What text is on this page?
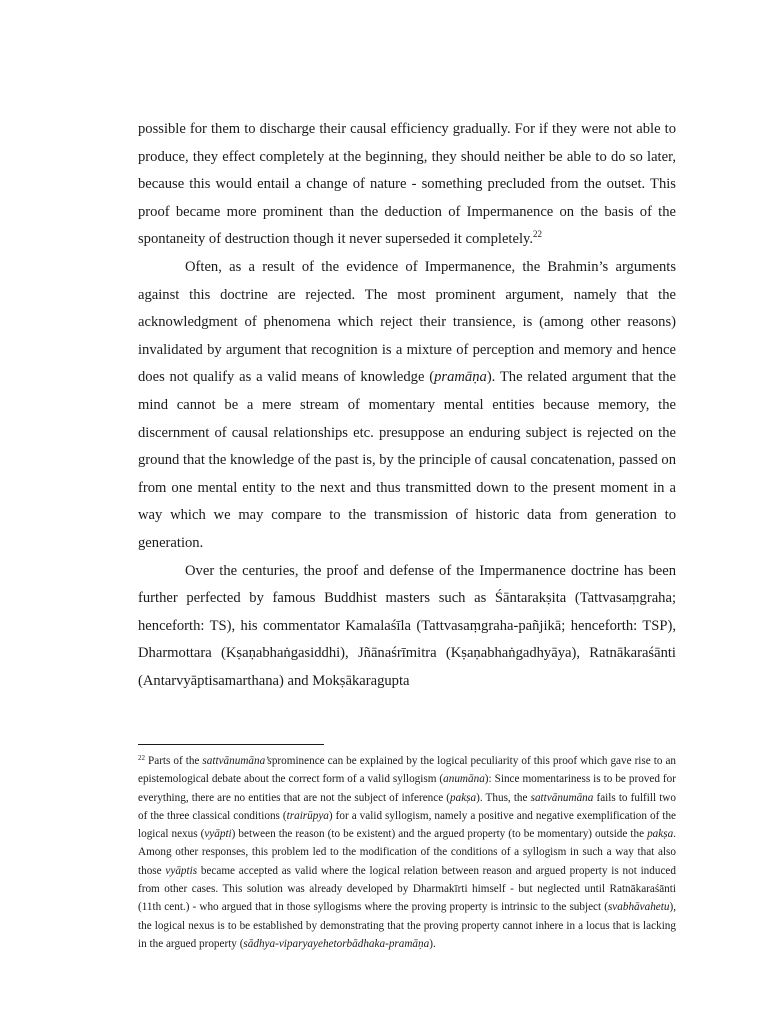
possible for them to discharge their causal efficiency gradually. For if they were not able to produce, they effect completely at the beginning, they should neither be able to do so later, because this would entail a change of nature - something precluded from the outset. This proof became more prominent than the deduction of Impermanence on the basis of the spontaneity of destruction though it never superseded it completely.$^{22}$

Often, as a result of the evidence of Impermanence, the Brahmin’s arguments against this doctrine are rejected. The most prominent argument, namely that the acknowledgment of phenomena which reject their transience, is (among other reasons) invalidated by argument that recognition is a mixture of perception and memory and hence does not qualify as a valid means of knowledge (pramāṇa). The related argument that the mind cannot be a mere stream of momentary mental entities because memory, the discernment of causal relationships etc. presuppose an enduring subject is rejected on the ground that the knowledge of the past is, by the principle of causal concatenation, passed on from one mental entity to the next and thus transmitted down to the present moment in a way which we may compare to the transmission of historic data from generation to generation.

Over the centuries, the proof and defense of the Impermanence doctrine has been further perfected by famous Buddhist masters such as Śāntarakṣita (Tattvasaṃgraha; henceforth: TS), his commentator Kamalaśīla (Tattvasaṃgraha-pañjikā; henceforth: TSP), Dharmottara (Kṣaṇabhaṅgasiddhi), Jñānaśrīmitra (Kṣaṇabhaṅgadhyāya), Ratnākaraśānti (Antarvyāptisamarthana) and Mokṣākaragupta

$^{22}$ Parts of the sattvānumāna’sprominence can be explained by the logical peculiarity of this proof which gave rise to an epistemological debate about the correct form of a valid syllogism (anumāna): Since momentariness is to be proved for everything, there are no entities that are not the subject of inference (pakṣa). Thus, the sattvānumāna fails to fulfill two of the three classical conditions (trairūpya) for a valid syllogism, namely a positive and negative exemplification of the logical nexus (vyāpti) between the reason (to be existent) and the argued property (to be momentary) outside the pakṣa. Among other responses, this problem led to the modification of the conditions of a syllogism in such a way that also those vyāptis became accepted as valid where the logical relation between reason and argued property is not induced from other cases. This solution was already developed by Dharmakīrti himself - but neglected until Ratnākaraśānti (11th cent.) - who argued that in those syllogisms where the proving property is intrinsic to the subject (svabhāvahetu), the logical nexus is to be established by demonstrating that the proving property cannot inhere in a locus that is lacking in the argued property (sādhya-viparyayehetorbādhaka-pramāṇa).
